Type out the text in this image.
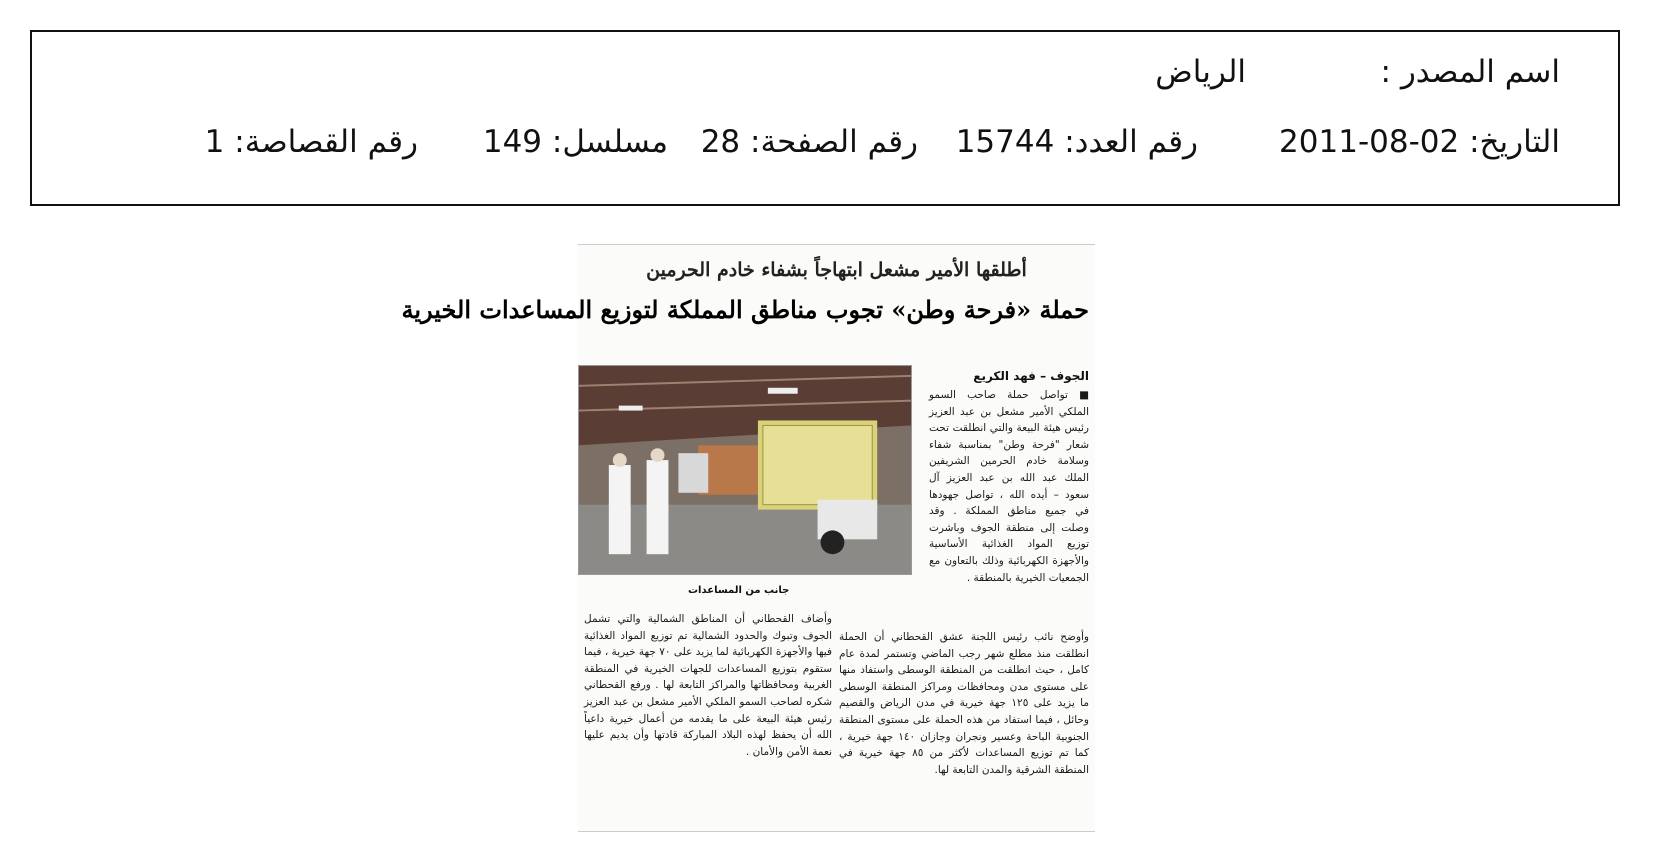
اسم المصدر :
الرياض
التاريخ: 2011-08-02
رقم العدد: 15744
رقم الصفحة: 28
مسلسل: 149
رقم القصاصة: 1
أطلقها الأمير مشعل ابتهاجاً بشفاء خادم الحرمين
حملة «فرحة وطن» تجوب مناطق المملكة لتوزيع المساعدات الخيرية
الجوف – فهد الكريع
جانب من المساعدات
■ تواصل حملة صاحب السمو الملكي الأمير مشعل بن عبد العزيز رئيس هيئة البيعة والتي انطلقت تحت شعار "فرحة وطن" بمناسبة شفاء وسلامة خادم الحرمين الشريفين الملك عبد الله بن عبد العزيز آل سعود – أيده الله ، تواصل جهودها في جميع مناطق المملكة . وقد وصلت إلى منطقة الجوف وباشرت توزيع المواد الغذائية الأساسية والأجهزة الكهربائية وذلك بالتعاون مع الجمعيات الخيرية بالمنطقة .
وأوضح نائب رئيس اللجنة عشق القحطاني أن الحملة انطلقت منذ مطلع شهر رجب الماضي وتستمر لمدة عام كامل ، حيث انطلقت من المنطقة الوسطى واستفاد منها على مستوى مدن ومحافظات ومراكز المنطقة الوسطى ما يزيد على ١٢٥ جهة خيرية في مدن الرياض والقصيم وحائل ، فيما استفاد من هذه الحملة على مستوى المنطقة الجنوبية الباحة وعسير ونجران وجازان ١٤٠ جهة خيرية ، كما تم توزيع المساعدات لأكثر من ٨٥ جهة خيرية في المنطقة الشرقية والمدن التابعة لها.
وأضاف القحطاني أن المناطق الشمالية والتي تشمل الجوف وتبوك والحدود الشمالية تم توزيع المواد الغذائية فيها والأجهزة الكهربائية لما يزيد على ٧٠ جهة خيرية ، فيما ستقوم بتوزيع المساعدات للجهات الخيرية في المنطقة الغربية ومحافظاتها والمراكز التابعة لها . ورفع القحطاني شكره لصاحب السمو الملكي الأمير مشعل بن عبد العزيز رئيس هيئة البيعة على ما يقدمه من أعمال خيرية داعياً الله أن يحفظ لهذه البلاد المباركة قادتها وأن يديم عليها نعمة الأمن والأمان .
